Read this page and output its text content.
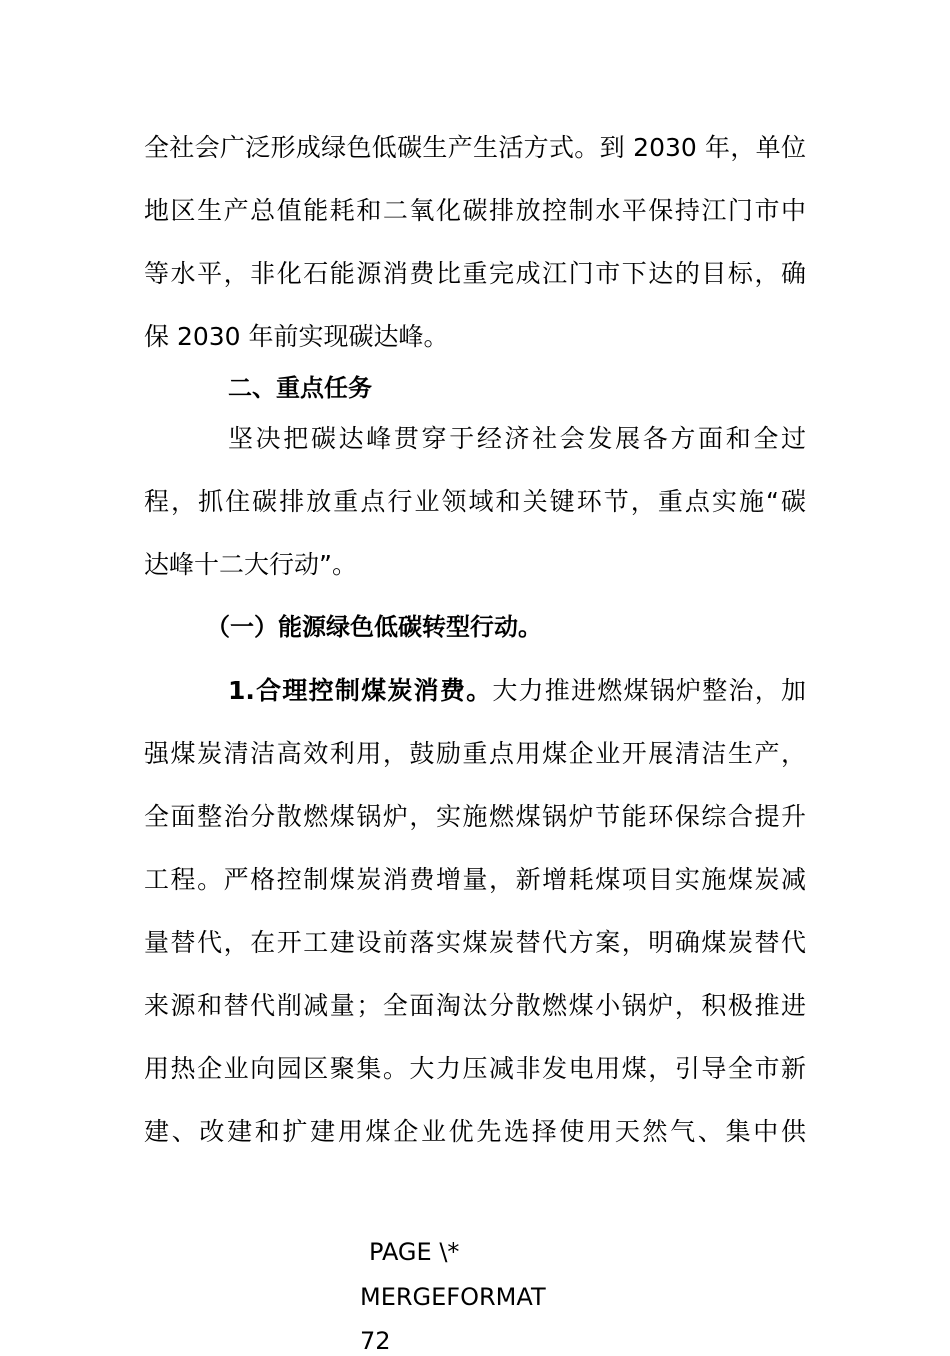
全社会广泛形成绿色低碳生产生活方式。到 2030 年，单位
地区生产总值能耗和二氧化碳排放控制水平保持江门市中
等水平，非化石能源消费比重完成江门市下达的目标，确
保 2030 年前实现碳达峰。
二、重点任务
坚决把碳达峰贯穿于经济社会发展各方面和全过
程，抓住碳排放重点行业领域和关键环节，重点实施“碳
达峰十二大行动”。
（一）能源绿色低碳转型行动。
1.合理控制煤炭消费。大力推进燃煤锅炉整治，加
强煤炭清洁高效利用，鼓励重点用煤企业开展清洁生产，
全面整治分散燃煤锅炉，实施燃煤锅炉节能环保综合提升
工程。严格控制煤炭消费增量，新增耗煤项目实施煤炭减
量替代，在开工建设前落实煤炭替代方案，明确煤炭替代
来源和替代削减量；全面淘汰分散燃煤小锅炉，积极推进
用热企业向园区聚集。大力压减非发电用煤，引导全市新
建、改建和扩建用煤企业优先选择使用天然气、集中供
PAGE \*
MERGEFORMAT
72
